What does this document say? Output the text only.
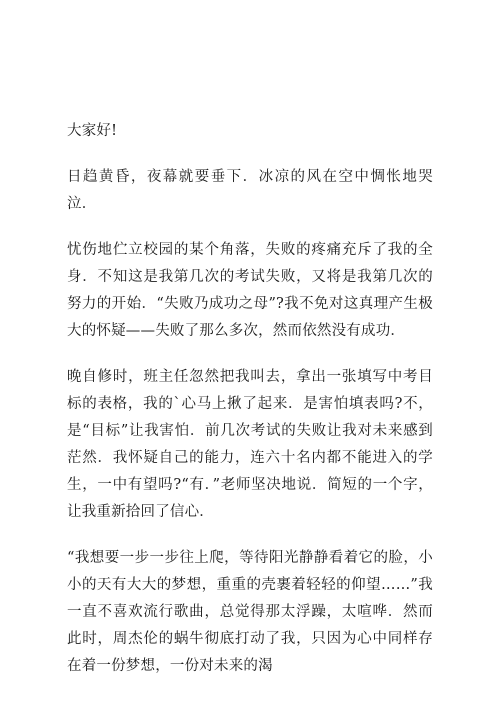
大家好!

日趋黄昏，夜幕就要垂下．冰凉的风在空中惆怅地哭泣．

忧伤地伫立校园的某个角落，失败的疼痛充斥了我的全身．不知这是我第几次的考试失败，又将是我第几次的努力的开始．“失败乃成功之母”?我不免对这真理产生极大的怀疑——失败了那么多次，然而依然没有成功．

晚自修时，班主任忽然把我叫去，拿出一张填写中考目标的表格，我的`心马上揪了起来．是害怕填表吗?不，是“目标”让我害怕．前几次考试的失败让我对未来感到茫然．我怀疑自己的能力，连六十名内都不能进入的学生，一中有望吗?“有．”老师坚决地说．简短的一个字，让我重新拾回了信心．

“我想要一步一步往上爬，等待阳光静静看着它的脸，小小的天有大大的梦想，重重的壳裹着轻轻的仰望……”我一直不喜欢流行歌曲，总觉得那太浮躁，太喧哗．然而此时，周杰伦的蜗牛彻底打动了我，只因为心中同样存在着一份梦想，一份对未来的渴
